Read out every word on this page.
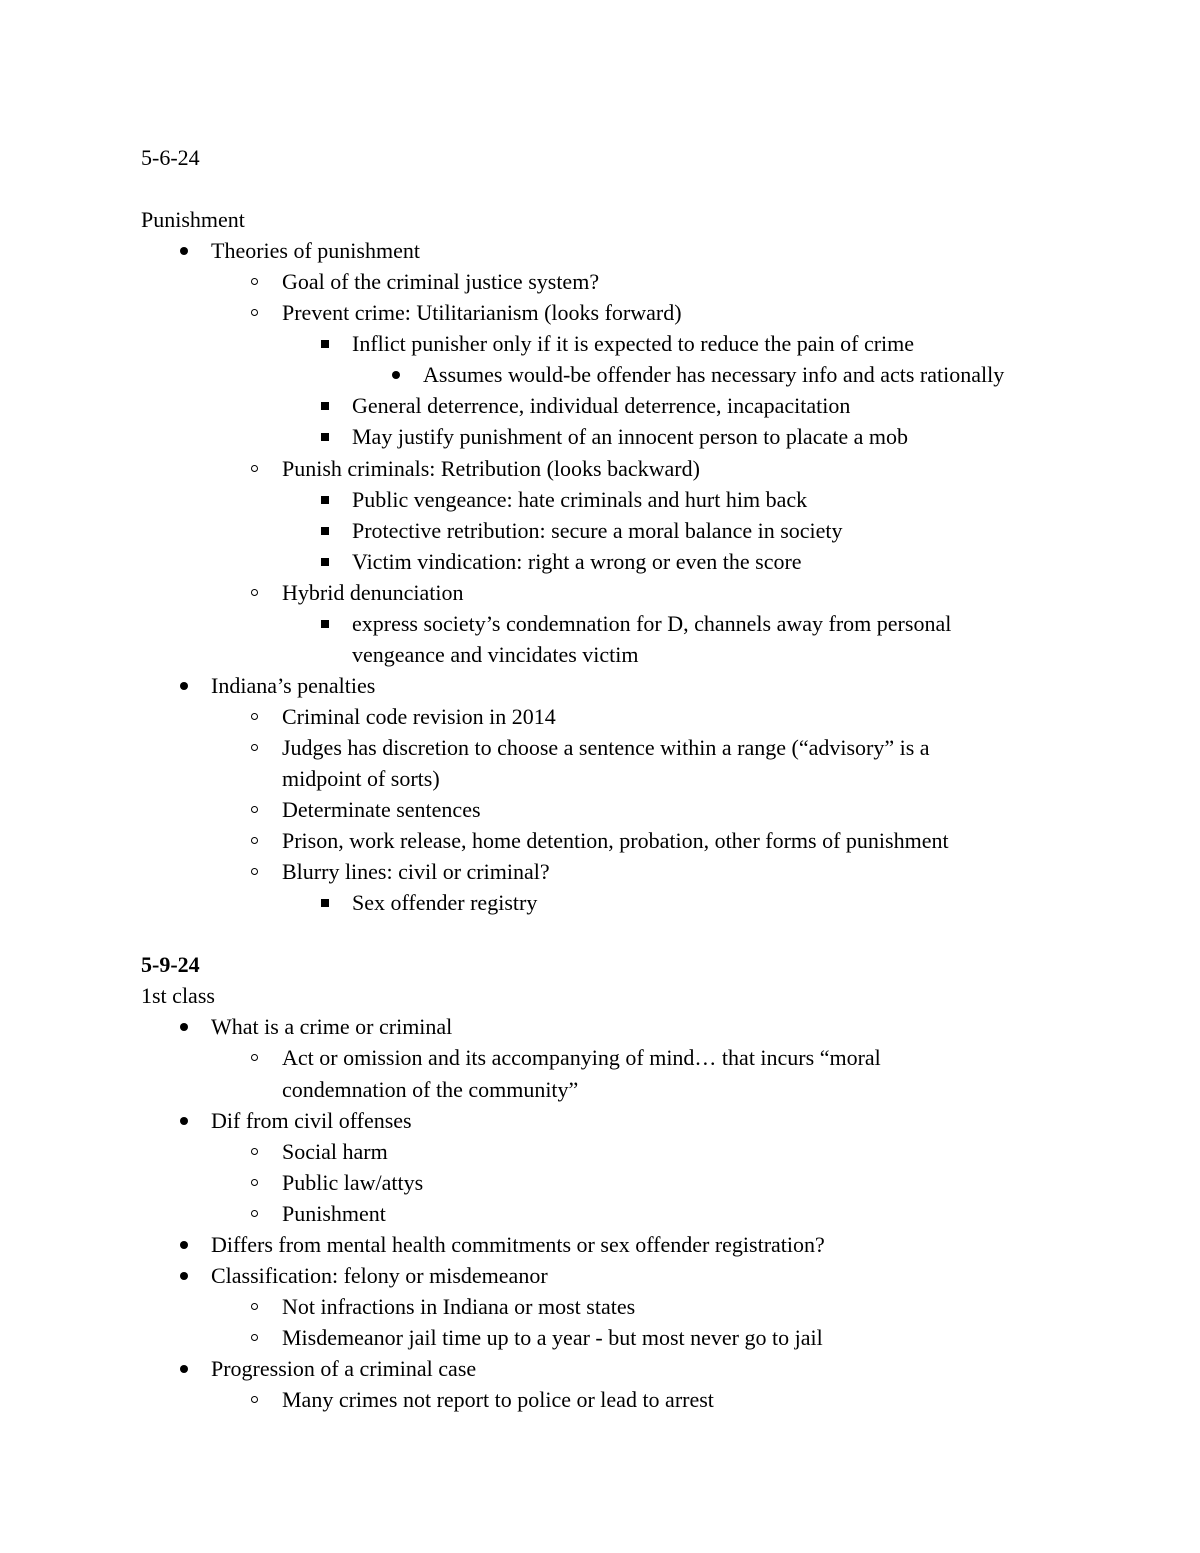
5-6-24
Punishment
Theories of punishment
Goal of the criminal justice system?
Prevent crime: Utilitarianism (looks forward)
Inflict punisher only if it is expected to reduce the pain of crime
Assumes would-be offender has necessary info and acts rationally
General deterrence, individual deterrence, incapacitation
May justify punishment of an innocent person to placate a mob
Punish criminals: Retribution (looks backward)
Public vengeance: hate criminals and hurt him back
Protective retribution: secure a moral balance in society
Victim vindication: right a wrong or even the score
Hybrid denunciation
express society’s condemnation for D, channels away from personal
vengeance and vincidates victim
Indiana’s penalties
Criminal code revision in 2014
Judges has discretion to choose a sentence within a range (“advisory” is a
midpoint of sorts)
Determinate sentences
Prison, work release, home detention, probation, other forms of punishment
Blurry lines: civil or criminal?
Sex offender registry
5-9-24
1st class
What is a crime or criminal
Act or omission and its accompanying of mind… that incurs “moral
condemnation of the community”
Dif from civil offenses
Social harm
Public law/attys
Punishment
Differs from mental health commitments or sex offender registration?
Classification: felony or misdemeanor
Not infractions in Indiana or most states
Misdemeanor jail time up to a year - but most never go to jail
Progression of a criminal case
Many crimes not report to police or lead to arrest
